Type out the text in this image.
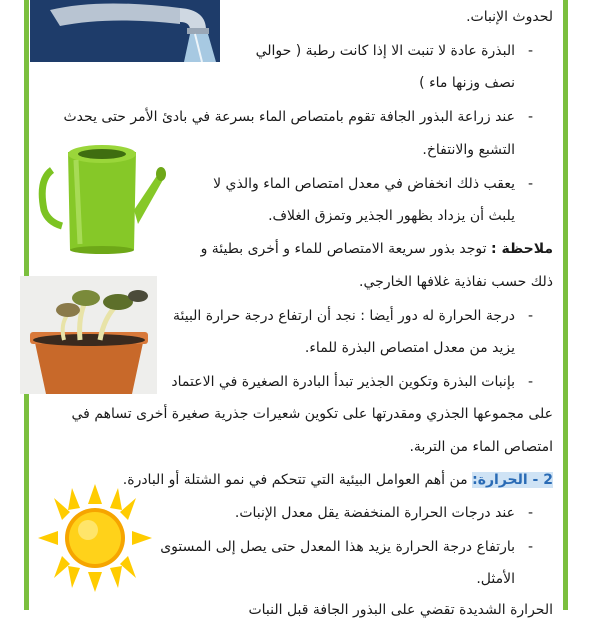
لحدوث الإنبات.
-
البذرة عادة لا تنبت الا إذا كانت رطبة ( حوالي
نصف وزنها ماء )
-
عند زراعة البذور الجافة تقوم بامتصاص الماء بسرعة في بادئ الأمر حتى يحدث
التشبع والانتفاخ.
-
يعقب ذلك انخفاض في معدل امتصاص الماء والذي لا
يلبث أن يزداد بظهور الجذير وتمزق الغلاف.
ملاحظة : توجد بذور سريعة الامتصاص للماء و أخرى بطيئة و
ذلك حسب نفاذية غلافها الخارجي.
-
درجة الحرارة له دور أيضا : نجد أن ارتفاع درجة حرارة البيئة
يزيد من معدل امتصاص البذرة للماء.
-
بإنبات البذرة وتكوين الجذير تبدأ البادرة الصغيرة في الاعتماد
على مجموعها الجذري ومقدرتها على تكوين شعيرات جذرية صغيرة أخرى تساهم في
امتصاص الماء من التربة.
2 - الحرارة: من أهم العوامل البيئية التي تتحكم في نمو الشتلة أو البادرة.
-
عند درجات الحرارة المنخفضة يقل معدل الإنبات.
-
بارتفاع درجة الحرارة يزيد هذا المعدل حتى يصل إلى المستوى
الأمثل.
الحرارة الشديدة تقضي على البذور الجافة قبل النبات
